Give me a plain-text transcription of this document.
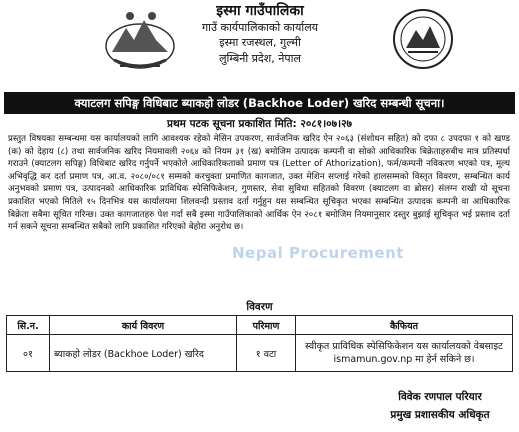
इस्मा गाउँपालिका
गाउँ कार्यपालिकाको कार्यालय
इस्मा रजस्थल, गुल्मी
लुम्बिनी प्रदेश, नेपाल
क्याटलग सपिङ्ग विधिबाट ब्याकहो लोडर (Backhoe Loder) खरिद सम्बन्धी सूचना।
प्रथम पटक सूचना प्रकाशित मिति: २०८१।०७।२७
प्रस्तुत विषयका सम्बन्धमा यस कार्यालयको लागि आवश्यक रहेको मेसिन उपकरण, सार्वजनिक खरिद ऐन २०६३ (संशोधन सहित) को दफा ८ उपदफा १ को खण्ड (क) को देहाय (८) तथा सार्वजनिक खरिद नियमावली २०६४ को नियम ३१ (ख) बमोजिम उत्पादक कम्पनी वा सोको आधिकारिक बिक्रेताहरुबीच मात्र प्रतिस्पर्धा गराउने (क्याटलग सपिङ्ग) विधिबाट खरिद गर्नुपर्ने भएकोले आधिकारिकताको प्रमाण पत्र (Letter of Athorization), फर्म/कम्पनी नविकरण भएको पत्र, मूल्य अभिवृद्धि कर दर्ता प्रमाण पत्र, आ.व. २०८०/०८१ सम्मको करचुक्ता प्रमाणित कागजात, उक्त मेशिन सप्लाई गरेको हालसम्मको विस्तृत विवरण, सम्बन्धित कार्य अनुभवको प्रमाण पत्र, उत्पादनको आधिकारिक प्राविधिक स्पेसिफिकेशन, गुणस्तर, सेवा सुविधा सहितको विवरण (क्याटलग वा ब्रोसर) संलग्न राखी यो सूचना प्रकाशित भएको मितिले १५ दिनभित्र यस कार्यालयमा शिलवन्दी प्रस्ताव दर्ता गर्नुहुन यस सम्बन्धित सूचिकृत भएका सम्बन्धित उत्पादक कम्पनी वा आधिकारिक बिक्रेता सबैमा सूचित गरिन्छ। उक्त कागजातहरु पेश गर्दा सबै इस्मा गाउँपालिकाको आर्थिक ऐन २०८१ बमोजिम नियमानुसार दस्तुर बुझाई सूचिकृत भई प्रस्ताव दर्ता गर्न सकने सूचना सम्बन्धित सबैको लागि प्रकाशित गरिएको बेहोरा अनुरोध छ।
Nepal Procurement
विवरण
सि.न.	कार्य विवरण	परिमाण	कैफियत
०१	ब्याकहो लोडर (Backhoe Loder) खरिद	१ वटा	स्वीकृत प्राविधिक स्पेसिफिकेशन यस कार्यालयको वेबसाइट
ismamun.gov.np मा हेर्न सकिने छ।
विवेक रणपाल परियार
प्रमुख प्रशासकीय अधिकृत
